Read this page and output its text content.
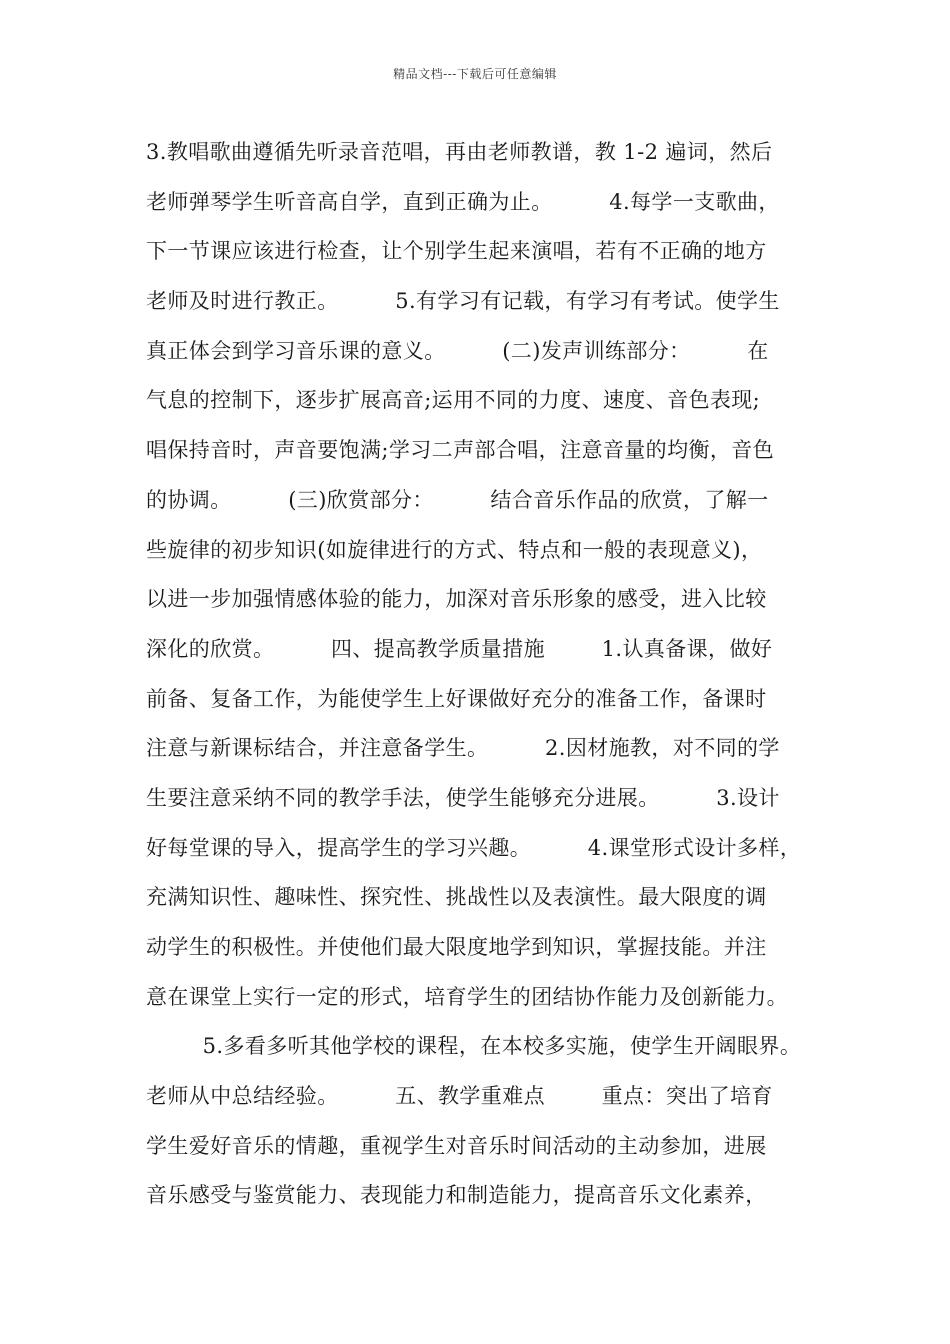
精品文档---下载后可任意编辑
3.教唱歌曲遵循先听录音范唱，再由老师教谱，教 1-2 遍词，然后
老师弹琴学生听音高自学，直到正确为止。        4.每学一支歌曲，
下一节课应该进行检查，让个别学生起来演唱，若有不正确的地方
老师及时进行教正。        5.有学习有记载，有学习有考试。使学生
真正体会到学习音乐课的意义。        (二)发声训练部分：        在
气息的控制下，逐步扩展高音;运用不同的力度、速度、音色表现;
唱保持音时，声音要饱满;学习二声部合唱，注意音量的均衡，音色
的协调。        (三)欣赏部分：        结合音乐作品的欣赏，了解一
些旋律的初步知识(如旋律进行的方式、特点和一般的表现意义)，
以进一步加强情感体验的能力，加深对音乐形象的感受，进入比较
深化的欣赏。        四、提高教学质量措施        1.认真备课，做好
前备、复备工作，为能使学生上好课做好充分的准备工作，备课时
注意与新课标结合，并注意备学生。        2.因材施教，对不同的学
生要注意采纳不同的教学手法，使学生能够充分进展。        3.设计
好每堂课的导入，提高学生的学习兴趣。        4.课堂形式设计多样，
充满知识性、趣味性、探究性、挑战性以及表演性。最大限度的调
动学生的积极性。并使他们最大限度地学到知识，掌握技能。并注
意在课堂上实行一定的形式，培育学生的团结协作能力及创新能力。
5.多看多听其他学校的课程，在本校多实施，使学生开阔眼界。
老师从中总结经验。        五、教学重难点        重点：突出了培育
学生爱好音乐的情趣，重视学生对音乐时间活动的主动参加，进展
音乐感受与鉴赏能力、表现能力和制造能力，提高音乐文化素养，
